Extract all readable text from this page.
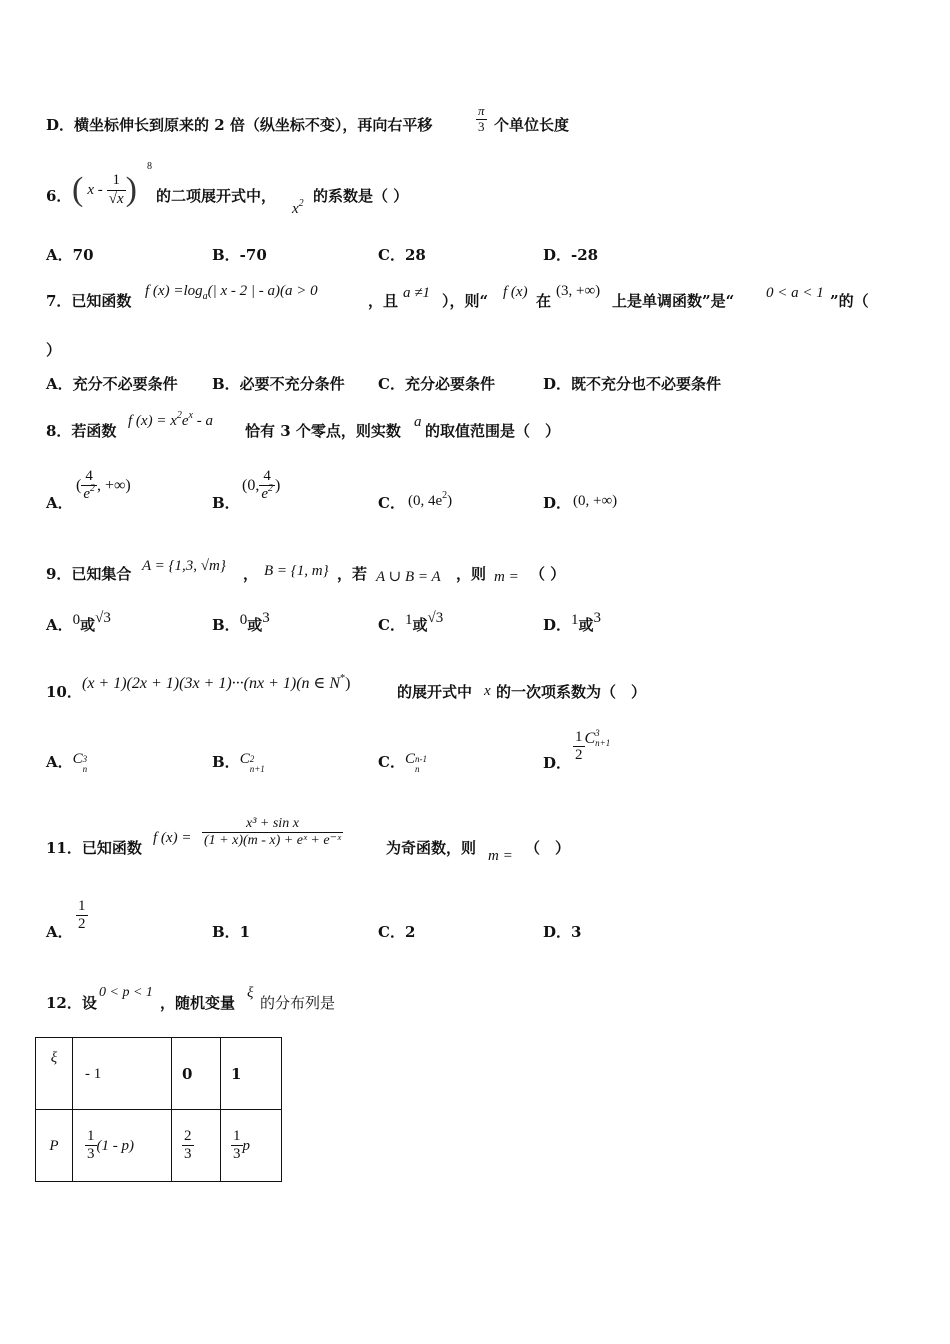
D．横坐标伸长到原来的 2 倍（纵坐标不变），再向右平移	$\frac{\pi}{3}$ 个单位长度
6． ( x - $\frac{1}{√x}$ )
8
的二项展开式中，
$x^2$ 的系数是（ ）
A．70	B．-70	C．28	D．-28
7．已知函数
f $(x) =\log_a(|$ x - 2 | - a)(a > 0
，且 a ≠1 ），则“ f (x) 在
(3, +∞)
上是单调函数”是“ 0 < a < 1 ”的（
）
A．充分不必要条件 B．必要不充分条件 C．充分必要条件	D．既不充分也不必要条件
8．若函数
f $(x) = x^2e^x - a$
恰有 3 个零点，则实数 a 的取值范围是（　）
A．
( $\frac{4}{e^2}$ , +∞)
B．
(0, $\frac{4}{e^2}$ )
C． (0, $4e^2$)	D． (0, +∞)
9．已知集合 A = {1,3, √m} ， B = {1, m} ，若 A ∪ B = A ，则 m = （ ）
A．0或√3	B．0或3	C．1或√3	D．1或3
10． (x + 1)(2x + 1)(3x + 1)···(nx + 1)(n ∈ N*)	的展开式中 x 的一次项系数为（　）
A．C 3
n	B．C 2
n+1	C．C n-1
n	D． $\frac{1}{2}$ C 3
n+1
11．已知函数
f $(x) = \frac{\text{x³ + sin x}}{\text{(1 + x)(m - x) + eˣ + e⁻ˣ}}$	为奇函数，则 m = （　）
A． $\frac{1}{2}$	B．1	C．2	D．3
12．设
0 < p < 1
，随机变量
ξ
的分布列是
ξ	- 1	0	1
P	$\frac{1}{3} (1 - p)$	$\frac{2}{3}$	$\frac{1}{3}$ p
